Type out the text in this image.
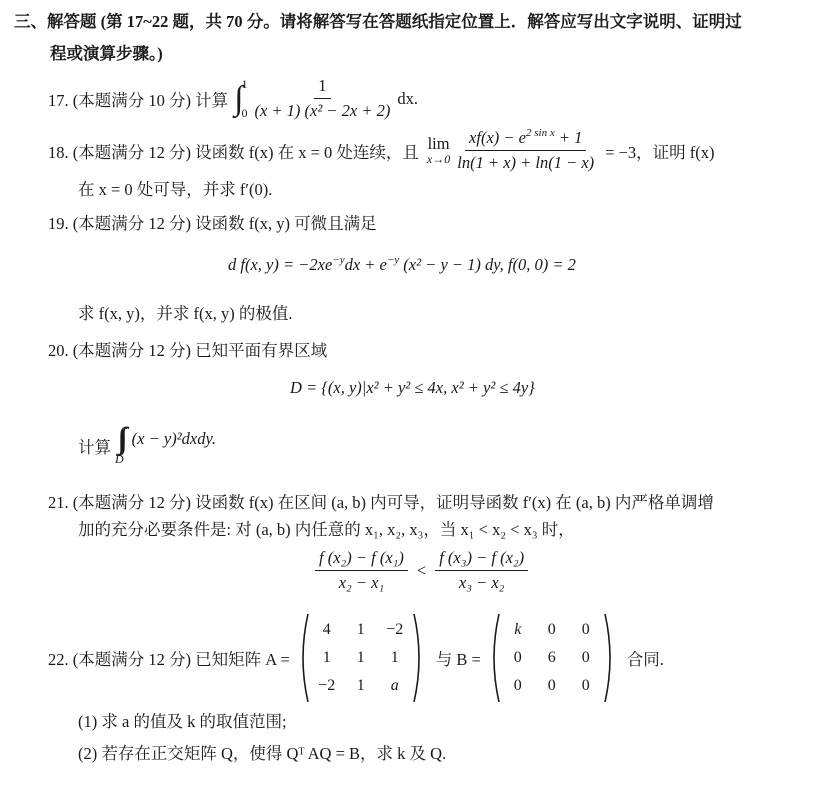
三、解答题 (第 17~22 题，共 70 分。请将解答写在答题纸指定位置上．解答应写出文字说明、证明过
程或演算步骤。)
17. (本题满分 10 分) 计算 ∫
1
$0 \frac{1}{\text{(x + 1) (x² − 2x + 2)}}$ dx.
18. (本题满分 12 分) 设函数 f(x) 在 x = 0 处连续，且 lim
$x\to 0 \frac{xf(x) - e^{2 sin x} + 1}{\ln(1 + x) + \ln(1 - x)} = -3$，证明 f(x)
在 x = 0 处可导，并求 f′(0).
19. (本题满分 12 分) 设函数 f(x, y) 可微且满足
d f(x, $y) = -2xe^{-y}dx + e^{-y}$ (x² − y − 1) dy, f(0, 0) = 2
求 f(x, y)，并求 f(x, y) 的极值.
20. (本题满分 12 分) 已知平面有界区域
D = {(x, y)|x² + y² ≤ 4x, x² + y² ≤ 4y}
计算
D
(x − y)²dxdy.
21. (本题满分 12 分) 设函数 f(x) 在区间 (a, b) 内可导，证明导函数 f′(x) 在 (a, b) 内严格单调增
加的充分必要条件是: 对 (a, b) 内任意的 x₁, x₂, x₃，当 x₁ < x₂ < x₃ 时，
$\frac{\text{f (x₂) − f (x₁)}}{\text{x₂ − x₁}} < \frac{\text{f (x₃) − f (x₂)}}{\text{x₃ − x₂}}$
22. (本题满分 12 分) 已知矩阵 A =
4	1	−2
1	1	1
−2	1	a
与 B =
k	0	0
0	6	0
0	0	0
合同.
(1) 求 a 的值及 k 的取值范围;
(2) 若存在正交矩阵 Q，使得 Qᵀ AQ = B，求 k 及 Q.
